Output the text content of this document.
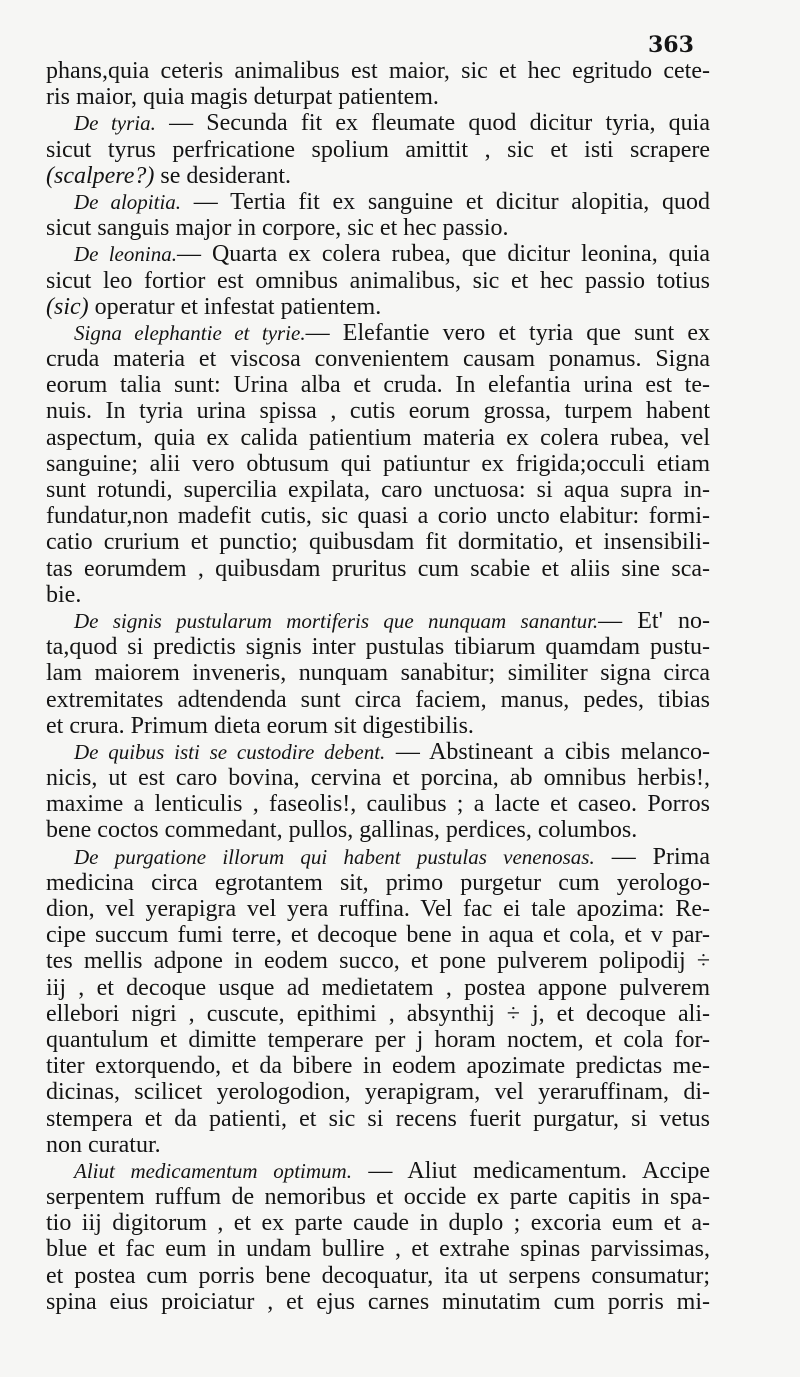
363
phans,quia ceteris animalibus est maior, sic et hec egritudo cete-
ris maior, quia magis deturpat patientem.
De tyria. — Secunda fit ex fleumate quod dicitur tyria, quia
sicut tyrus perfricatione spolium amittit , sic et isti scrapere
(scalpere?) se desiderant.
De alopitia. — Tertia fit ex sanguine et dicitur alopitia, quod
sicut sanguis major in corpore, sic et hec passio.
De leonina.— Quarta ex colera rubea, que dicitur leonina, quia
sicut leo fortior est omnibus animalibus, sic et hec passio totius
(sic) operatur et infestat patientem.
Signa elephantie et tyrie.— Elefantie vero et tyria que sunt ex
cruda materia et viscosa convenientem causam ponamus. Signa
eorum talia sunt: Urina alba et cruda. In elefantia urina est te-
nuis. In tyria urina spissa , cutis eorum grossa, turpem habent
aspectum, quia ex calida patientium materia ex colera rubea, vel
sanguine; alii vero obtusum qui patiuntur ex frigida;occuli etiam
sunt rotundi, supercilia expilata, caro unctuosa: si aqua supra in-
fundatur,non madefit cutis, sic quasi a corio uncto elabitur: formi-
catio crurium et punctio; quibusdam fit dormitatio, et insensibili-
tas eorumdem , quibusdam pruritus cum scabie et aliis sine sca-
bie.
De signis pustularum mortiferis que nunquam sanantur.— Et' no-
ta,quod si predictis signis inter pustulas tibiarum quamdam pustu-
lam maiorem inveneris, nunquam sanabitur; similiter signa circa
extremitates adtendenda sunt circa faciem, manus, pedes, tibias
et crura. Primum dieta eorum sit digestibilis.
De quibus isti se custodire debent. — Abstineant a cibis melanco-
nicis, ut est caro bovina, cervina et porcina, ab omnibus herbis!,
maxime a lenticulis , faseolis!, caulibus ; a lacte et caseo. Porros
bene coctos commedant, pullos, gallinas, perdices, columbos.
De purgatione illorum qui habent pustulas venenosas. — Prima
medicina circa egrotantem sit, primo purgetur cum yerologo-
dion, vel yerapigra vel yera ruffina. Vel fac ei tale apozima: Re-
cipe succum fumi terre, et decoque bene in aqua et cola, et v par-
tes mellis adpone in eodem succo, et pone pulverem polipodij ÷
iij , et decoque usque ad medietatem , postea appone pulverem
ellebori nigri , cuscute, epithimi , absynthij ÷ j, et decoque ali-
quantulum et dimitte temperare per j horam noctem, et cola for-
titer extorquendo, et da bibere in eodem apozimate predictas me-
dicinas, scilicet yerologodion, yerapigram, vel yeraruffinam, di-
stempera et da patienti, et sic si recens fuerit purgatur, si vetus
non curatur.
Aliut medicamentum optimum. — Aliut medicamentum. Accipe
serpentem ruffum de nemoribus et occide ex parte capitis in spa-
tio iij digitorum , et ex parte caude in duplo ; excoria eum et a-
blue et fac eum in undam bullire , et extrahe spinas parvissimas,
et postea cum porris bene decoquatur, ita ut serpens consumatur;
spina eius proiciatur , et ejus carnes minutatim cum porris mi-
